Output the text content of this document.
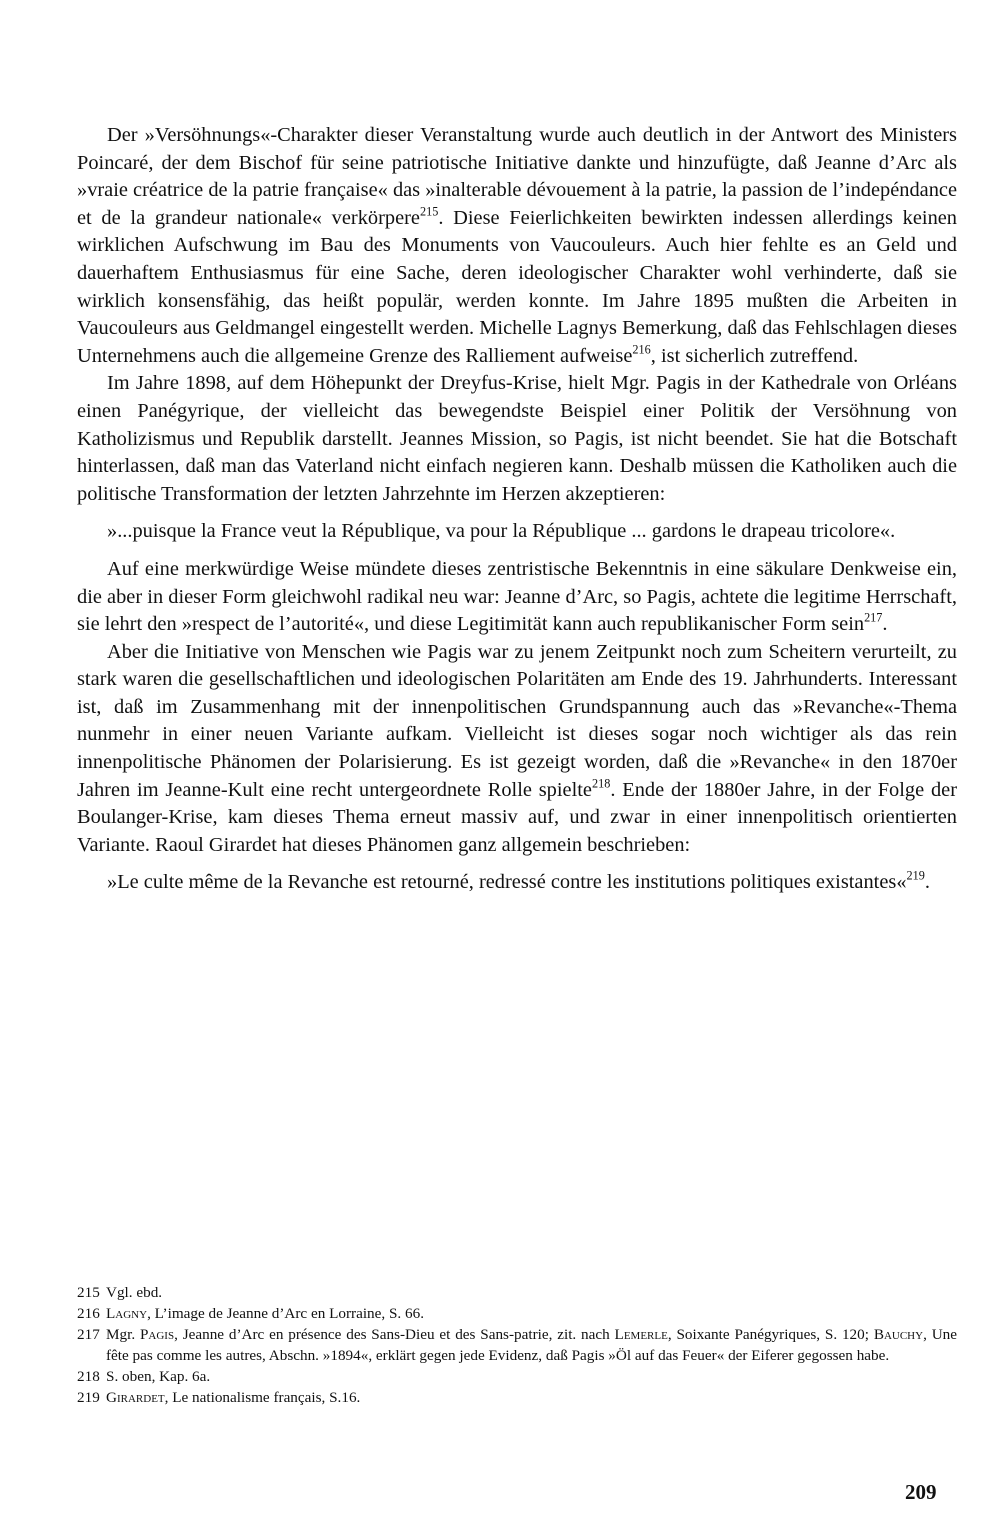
Der »Versöhnungs«-Charakter dieser Veranstaltung wurde auch deutlich in der Antwort des Ministers Poincaré, der dem Bischof für seine patriotische Initiative dankte und hinzufügte, daß Jeanne d’Arc als »vraie créatrice de la patrie française« das »inalterable dévouement à la patrie, la passion de l’indepéndance et de la grandeur nationale« verkörpere$^{215}$. Diese Feierlichkeiten bewirkten indessen allerdings keinen wirklichen Aufschwung im Bau des Monuments von Vaucouleurs. Auch hier fehlte es an Geld und dauerhaftem Enthusiasmus für eine Sache, deren ideologischer Charakter wohl verhinderte, daß sie wirklich konsensfähig, das heißt populär, werden konnte. Im Jahre 1895 mußten die Arbeiten in Vaucouleurs aus Geldmangel eingestellt werden. Michelle Lagnys Bemerkung, daß das Fehlschlagen dieses Unternehmens auch die allgemeine Grenze des Ralliement aufweise$^{216}$, ist sicherlich zutreffend.

Im Jahre 1898, auf dem Höhepunkt der Dreyfus-Krise, hielt Mgr. Pagis in der Kathedrale von Orléans einen Panégyrique, der vielleicht das bewegendste Beispiel einer Politik der Versöhnung von Katholizismus und Republik darstellt. Jeannes Mission, so Pagis, ist nicht beendet. Sie hat die Botschaft hinterlassen, daß man das Vaterland nicht einfach negieren kann. Deshalb müssen die Katholiken auch die politische Transformation der letzten Jahrzehnte im Herzen akzeptieren:

»...puisque la France veut la République, va pour la République ... gardons le drapeau tricolore«.

Auf eine merkwürdige Weise mündete dieses zentristische Bekenntnis in eine säkulare Denkweise ein, die aber in dieser Form gleichwohl radikal neu war: Jeanne d’Arc, so Pagis, achtete die legitime Herrschaft, sie lehrt den »respect de l’autorité«, und diese Legitimität kann auch republikanischer Form sein$^{217}$.

Aber die Initiative von Menschen wie Pagis war zu jenem Zeitpunkt noch zum Scheitern verurteilt, zu stark waren die gesellschaftlichen und ideologischen Polaritäten am Ende des 19. Jahrhunderts. Interessant ist, daß im Zusammenhang mit der innenpolitischen Grundspannung auch das »Revanche«-Thema nunmehr in einer neuen Variante aufkam. Vielleicht ist dieses sogar noch wichtiger als das rein innenpolitische Phänomen der Polarisierung. Es ist gezeigt worden, daß die »Revanche« in den 1870er Jahren im Jeanne-Kult eine recht untergeordnete Rolle spielte$^{218}$. Ende der 1880er Jahre, in der Folge der Boulanger-Krise, kam dieses Thema erneut massiv auf, und zwar in einer innenpolitisch orientierten Variante. Raoul Girardet hat dieses Phänomen ganz allgemein beschrieben:

»Le culte même de la Revanche est retourné, redressé contre les institutions politiques existantes«$^{219}$.

215 Vgl. ebd.
216 Lagny, L’image de Jeanne d’Arc en Lorraine, S. 66.
217 Mgr. Pagis, Jeanne d’Arc en présence des Sans-Dieu et des Sans-patrie, zit. nach Lemerle, Soixante Panégyriques, S. 120; Bauchy, Une fête pas comme les autres, Abschn. »1894«, erklärt gegen jede Evidenz, daß Pagis »Öl auf das Feuer« der Eiferer gegossen habe.
218 S. oben, Kap. 6a.
219 Girardet, Le nationalisme français, S.16.
209
